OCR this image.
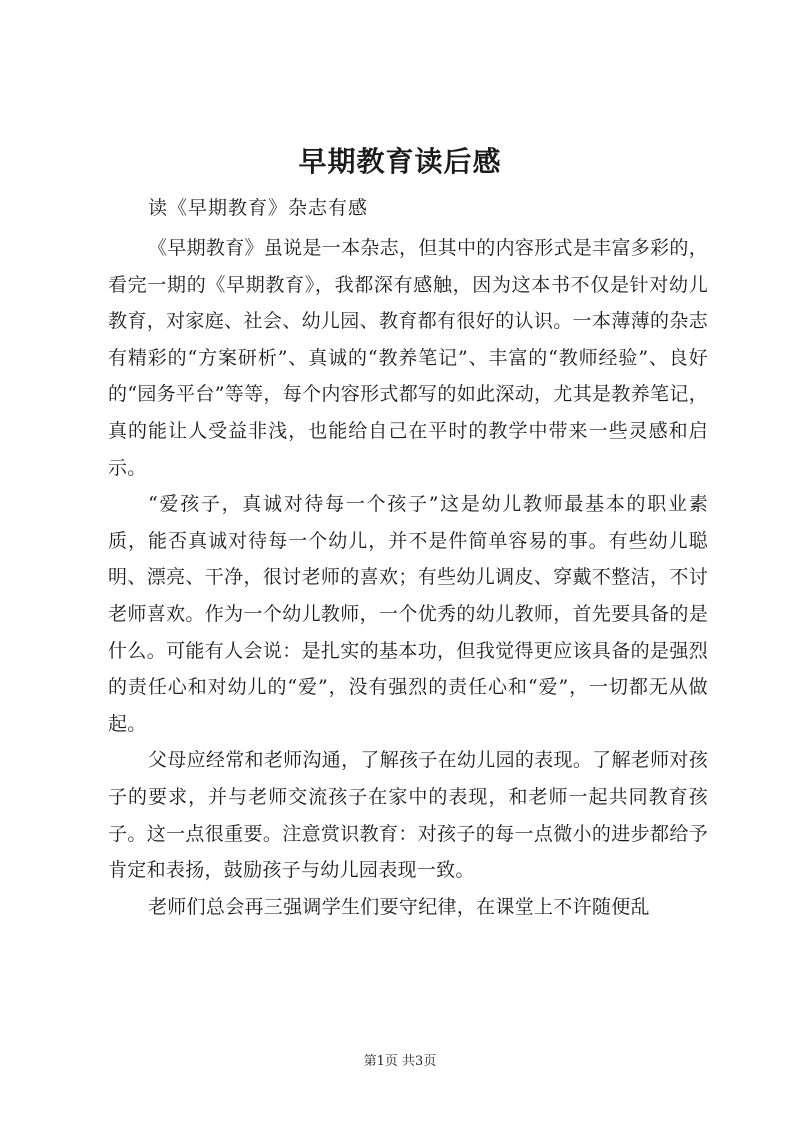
早期教育读后感
读《早期教育》杂志有感

《早期教育》虽说是一本杂志，但其中的内容形式是丰富多彩的，看完一期的《早期教育》，我都深有感触，因为这本书不仅是针对幼儿教育，对家庭、社会、幼儿园、教育都有很好的认识。一本薄薄的杂志有精彩的“方案研析”、真诚的“教养笔记”、丰富的“教师经验”、良好的“园务平台”等等，每个内容形式都写的如此深动，尤其是教养笔记，真的能让人受益非浅，也能给自己在平时的教学中带来一些灵感和启示。

“爱孩子，真诚对待每一个孩子”这是幼儿教师最基本的职业素质，能否真诚对待每一个幼儿，并不是件简单容易的事。有些幼儿聪明、漂亮、干净，很讨老师的喜欢；有些幼儿调皮、穿戴不整洁，不讨老师喜欢。作为一个幼儿教师，一个优秀的幼儿教师，首先要具备的是什么。可能有人会说：是扎实的基本功，但我觉得更应该具备的是强烈的责任心和对幼儿的“爱”，没有强烈的责任心和“爱”，一切都无从做起。

父母应经常和老师沟通，了解孩子在幼儿园的表现。了解老师对孩子的要求，并与老师交流孩子在家中的表现，和老师一起共同教育孩子。这一点很重要。注意赏识教育：对孩子的每一点微小的进步都给予肯定和表扬，鼓励孩子与幼儿园表现一致。

老师们总会再三强调学生们要守纪律，在课堂上不许随便乱

第1页 共3页
